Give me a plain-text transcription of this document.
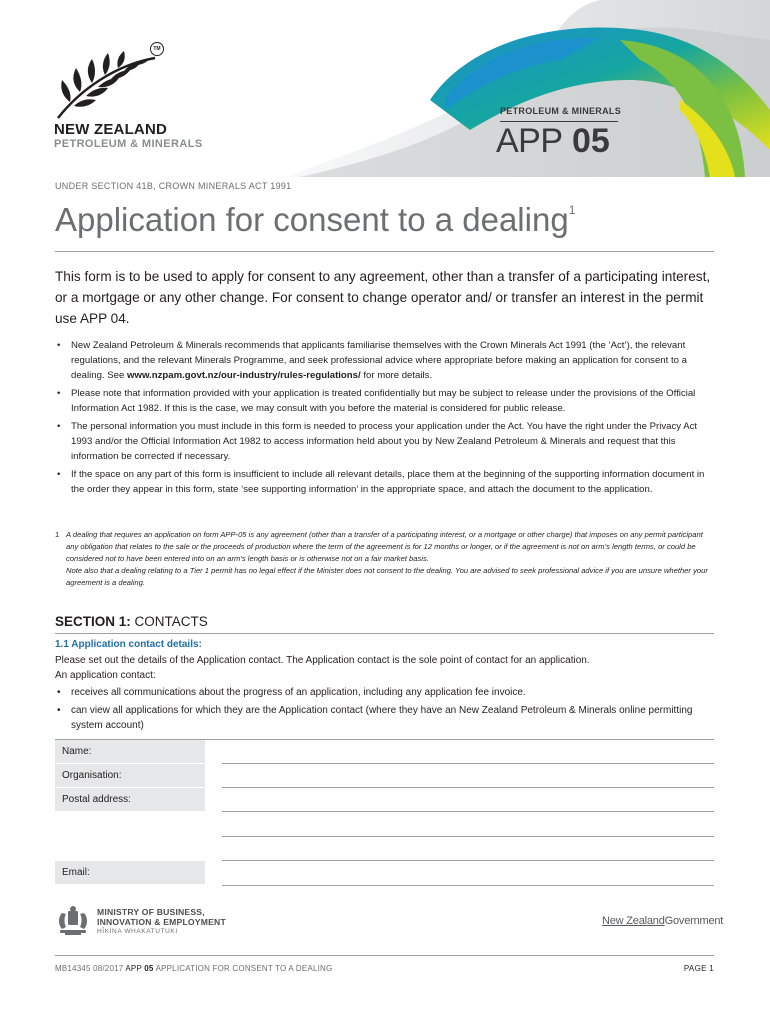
TM
NEW ZEALAND
PETROLEUM & MINERALS
PETROLEUM & MINERALS
APP 05
UNDER SECTION 41B, CROWN MINERALS ACT 1991
Application for consent to a dealing$^1$

This form is to be used to apply for consent to any agreement, other than a transfer of a participating interest, or a mortgage or any other change. For consent to change operator and/ or transfer an interest in the permit use APP 04.

• New Zealand Petroleum & Minerals recommends that applicants familiarise themselves with the Crown Minerals Act 1991 (the ‘Act’), the relevant regulations, and the relevant Minerals Programme, and seek professional advice where appropriate before making an application for consent to a dealing. See www.nzpam.govt.nz/our-industry/rules-regulations/ for more details.
• Please note that information provided with your application is treated confidentially but may be subject to release under the provisions of the Official Information Act 1982. If this is the case, we may consult with you before the material is considered for public release.
• The personal information you must include in this form is needed to process your application under the Act. You have the right under the Privacy Act 1993 and/or the Official Information Act 1982 to access information held about you by New Zealand Petroleum & Minerals and request that this information be corrected if necessary.
• If the space on any part of this form is insufficient to include all relevant details, place them at the beginning of the supporting information document in the order they appear in this form, state ‘see supporting information’ in the appropriate space, and attach the document to the application.
1 A dealing that requires an application on form APP-05 is any agreement (other than a transfer of a participating interest, or a mortgage or other charge) that imposes on any permit participant any obligation that relates to the sale or the proceeds of production where the term of the agreement is for 12 months or longer, or if the agreement is not on arm’s length terms, or could be considered not to have been entered into on an arm’s length basis or is otherwise not on a fair market basis.
Note also that a dealing relating to a Tier 1 permit has no legal effect if the Minister does not consent to the dealing. You are advised to seek professional advice if you are unsure whether your agreement is a dealing.
SECTION 1: CONTACTS
1.1 Application contact details:
Please set out the details of the Application contact. The Application contact is the sole point of contact for an application.
An application contact:
• receives all communications about the progress of an application, including any application fee invoice.
• can view all applications for which they are the Application contact (where they have an New Zealand Petroleum & Minerals online permitting system account)
Name:
Organisation:
Postal address:
Email:
MINISTRY OF BUSINESS,
INNOVATION & EMPLOYMENT
HĪKINA WHAKATUTUKI
New ZealandGovernment
MB14345 08/2017 APP 05 APPLICATION FOR CONSENT TO A DEALING	PAGE 1
